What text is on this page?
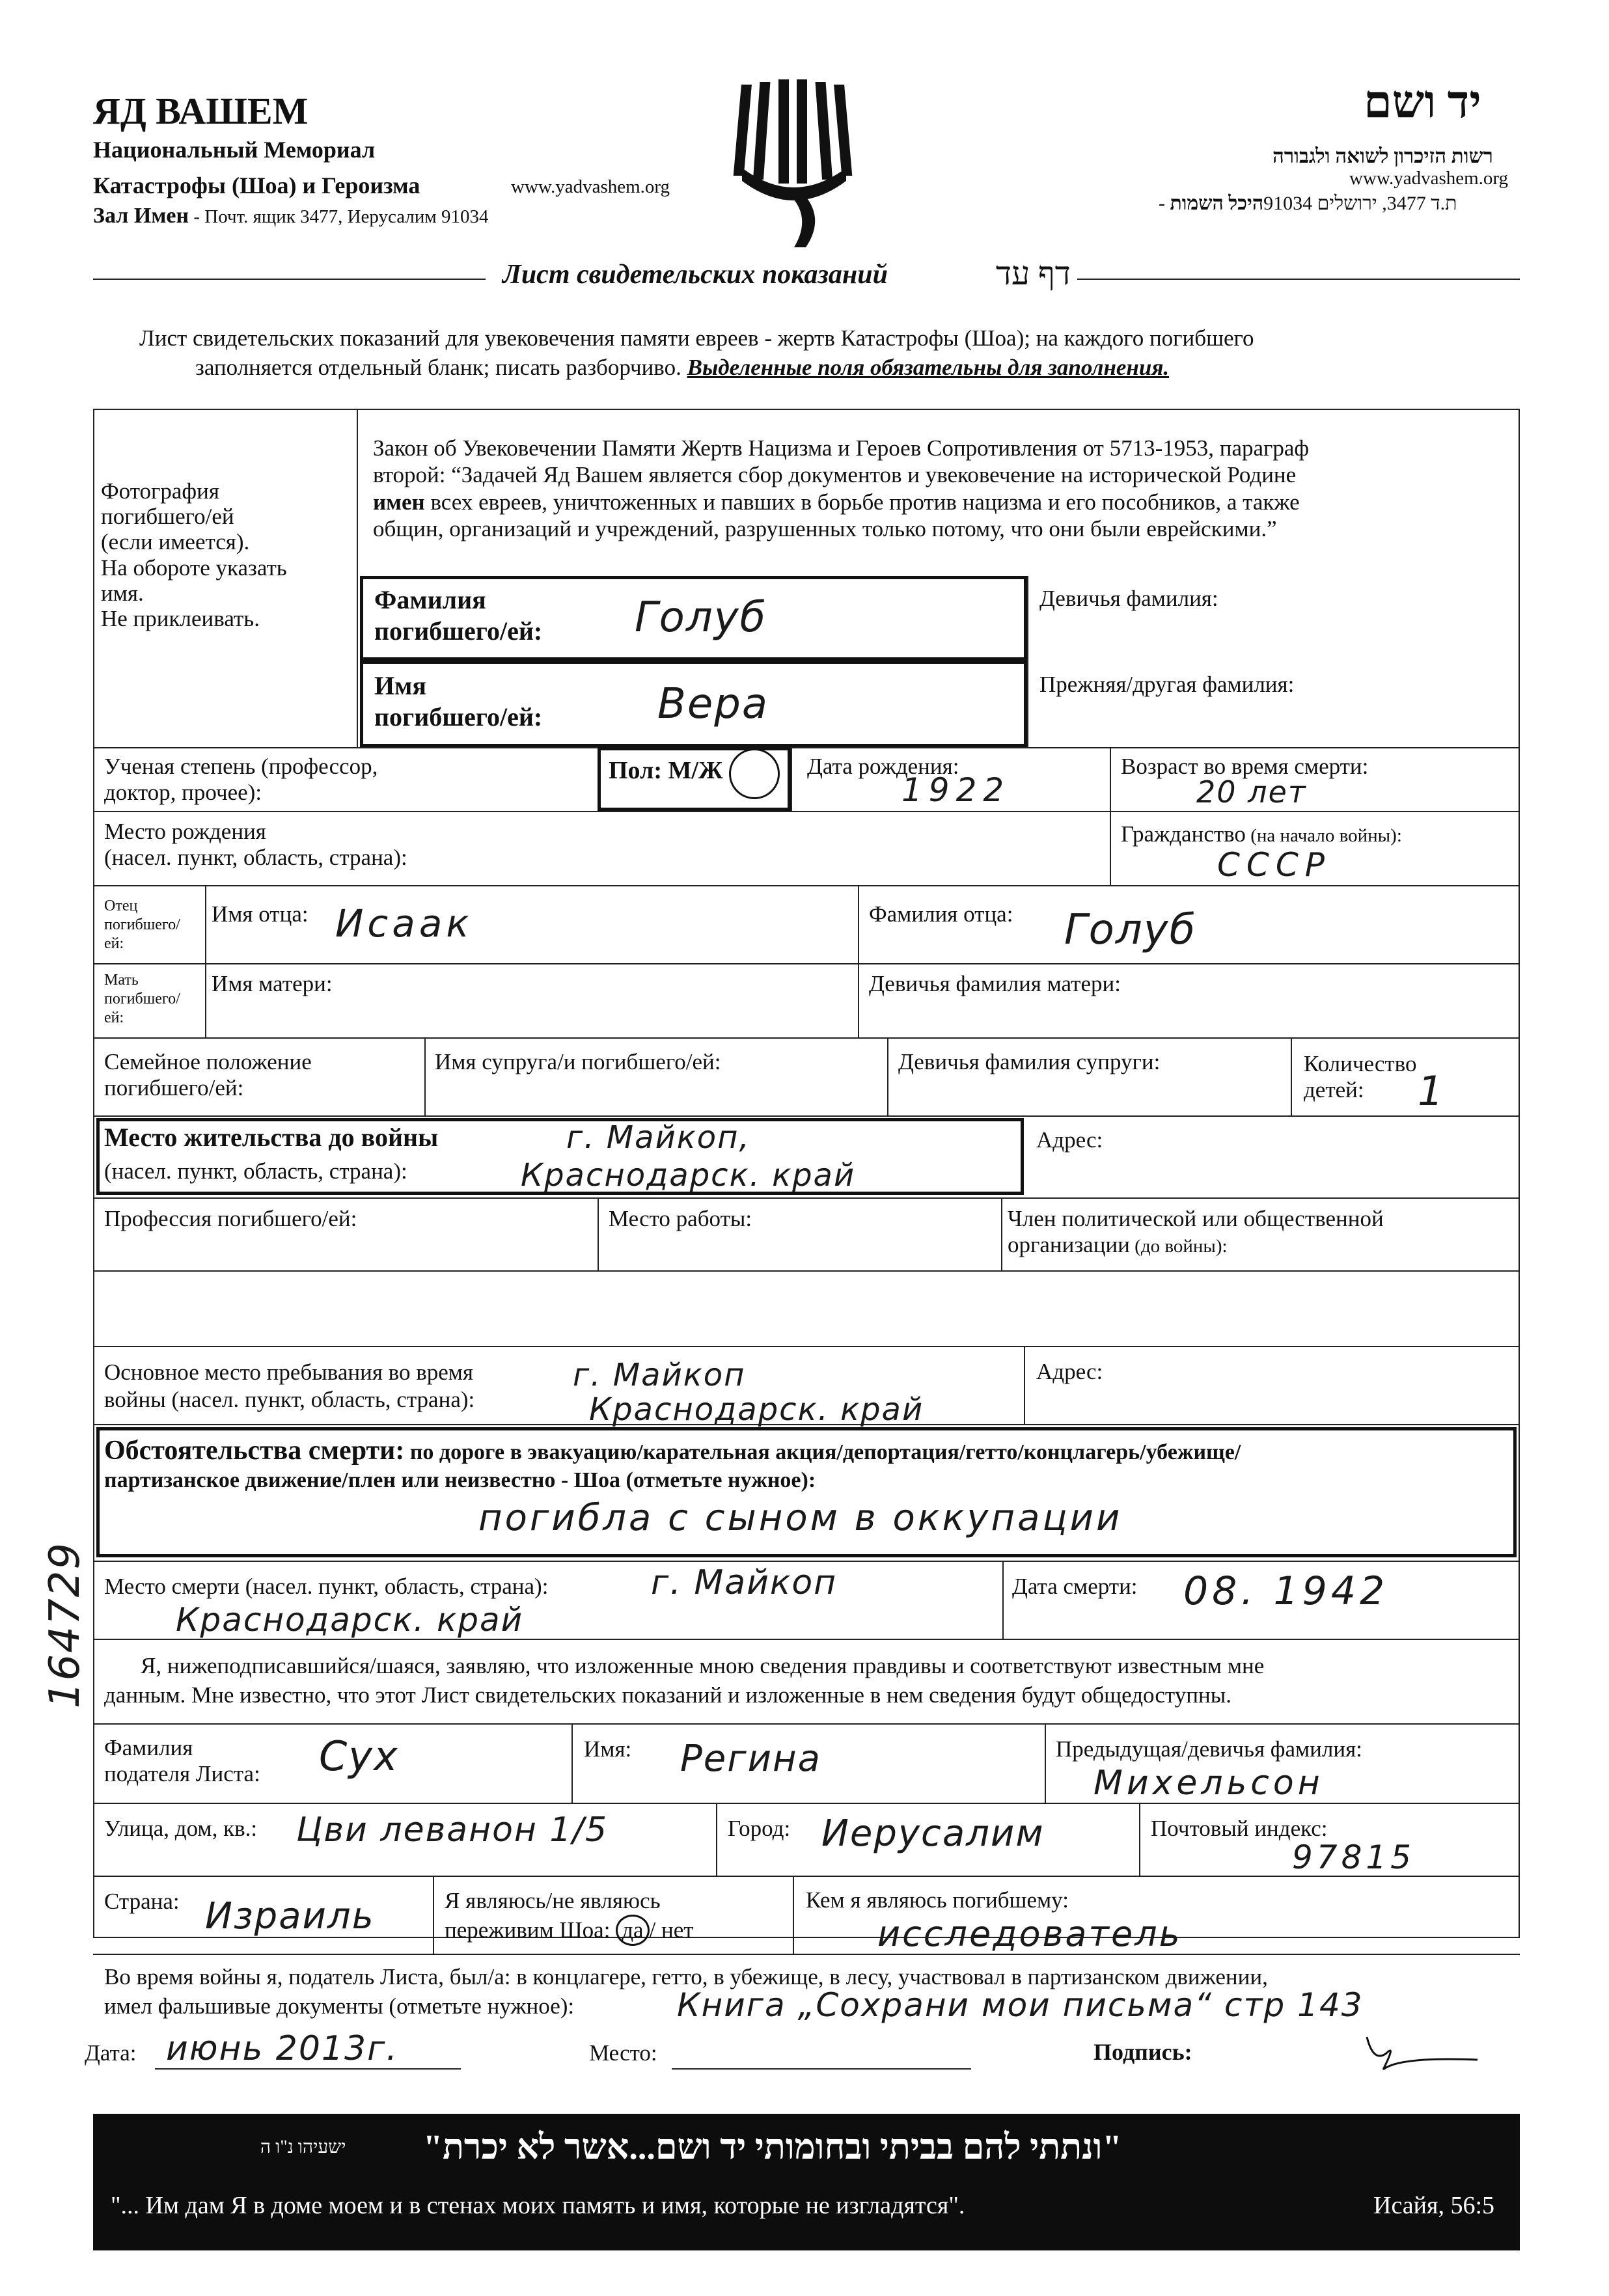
ЯД ВАШЕМ
Национальный Мемориал
Катастрофы (Шоа) и Героизма	www.yadvashem.org
Зал Имен - Почт. ящик 3477, Иерусалим 91034
יד ושם
רשות הזיכרון לשואה ולגבורה
www.yadvashem.org
- ת.ד 3477, ירושלים 91034היכל השמות
Лист свидетельских показаний	דף עד
Лист свидетельских показаний для увековечения памяти евреев - жертв Катастрофы (Шоа); на каждого погибшего
заполняется отдельный бланк; писать разборчиво. Выделенные поля обязательны для заполнения.
Фотография
погибшего/ей
(если имеется).
На обороте указать
имя.
Не приклеивать.
Закон об Увековечении Памяти Жертв Нацизма и Героев Сопротивления от 5713-1953, параграф
второй: “Задачей Яд Вашем является сбор документов и увековечение на исторической Родине
имен всех евреев, уничтоженных и павших в борьбе против нацизма и его пособников, а также
общин, организаций и учреждений, разрушенных только потому, что они были еврейскими.”
Фамилия
погибшего/ей: Голуб	Девичья фамилия:
Имя
погибшего/ей:	Вера	Прежняя/другая фамилия:
Ученая степень (профессор,
доктор, прочее):
Пол: М/Ж	Дата рождения:
1922
Возраст во время смерти:
20 лет
Место рождения
(насел. пункт, область, страна):
Гражданство (на начало войны):
СССР
Отец
погибшего/
ей:
Имя отца: Исаак	Фамилия отца: Голуб
Мать
погибшего/
ей:
Имя матери:	Девичья фамилия матери:
Семейное положение
погибшего/ей:
Имя супруга/и погибшего/ей:	Девичья фамилия супруги:	Количество
детей:	1
Место жительства до войны
(насел. пункт, область, страна):
г. Майкоп,
Краснодарск. край
Адрес:
Профессия погибшего/ей:	Место работы:	Член политической или общественной
организации (до войны):
Основное место пребывания во время
войны (насел. пункт, область, страна):
г. Майкоп
Краснодарск. край
Адрес:
Обстоятельства смерти: по дороге в эвакуацию/карательная акция/депортация/гетто/концлагерь/убежище/
партизанское движение/плен или неизвестно - Шоа (отметьте нужное):
погибла с сыном в оккупации
Место смерти (насел. пункт, область, страна):	г. Майкоп
Краснодарск. край
Дата смерти: 08. 1942
Я, нижеподписавшийся/шаяся, заявляю, что изложенные мною сведения правдивы и соответствуют известным мне
данным. Мне известно, что этот Лист свидетельских показаний и изложенные в нем сведения будут общедоступны.
Фамилия
подателя Листа: Сух	Имя: Регина	Предыдущая/девичья фамилия:
Михельсон
Улица, дом, кв.: Цви леванон 1/5	Город: Иерусалим	Почтовый индекс:
97815
Страна: Израиль	Я являюсь/не являюсь
переживим Шоа: да / нет
Кем я являюсь погибшему:
исследователь
Во время войны я, податель Листа, был/а: в концлагере, гетто, в убежище, в лесу, участвовал в партизанском движении,
имел фальшивые документы (отметьте нужное):	Книга „Сохрани мои письма“ стр 143
Дата: июнь 2013г.	Место:	Подпись:
164729
"ונתתי להם בביתי ובחומותי יד ושם...אשר לא יכרת"
ישעיהו נ"ו ה
"... Им дам Я в доме моем и в стенах моих память и имя, которые не изгладятся".	Исайя, 56:5
